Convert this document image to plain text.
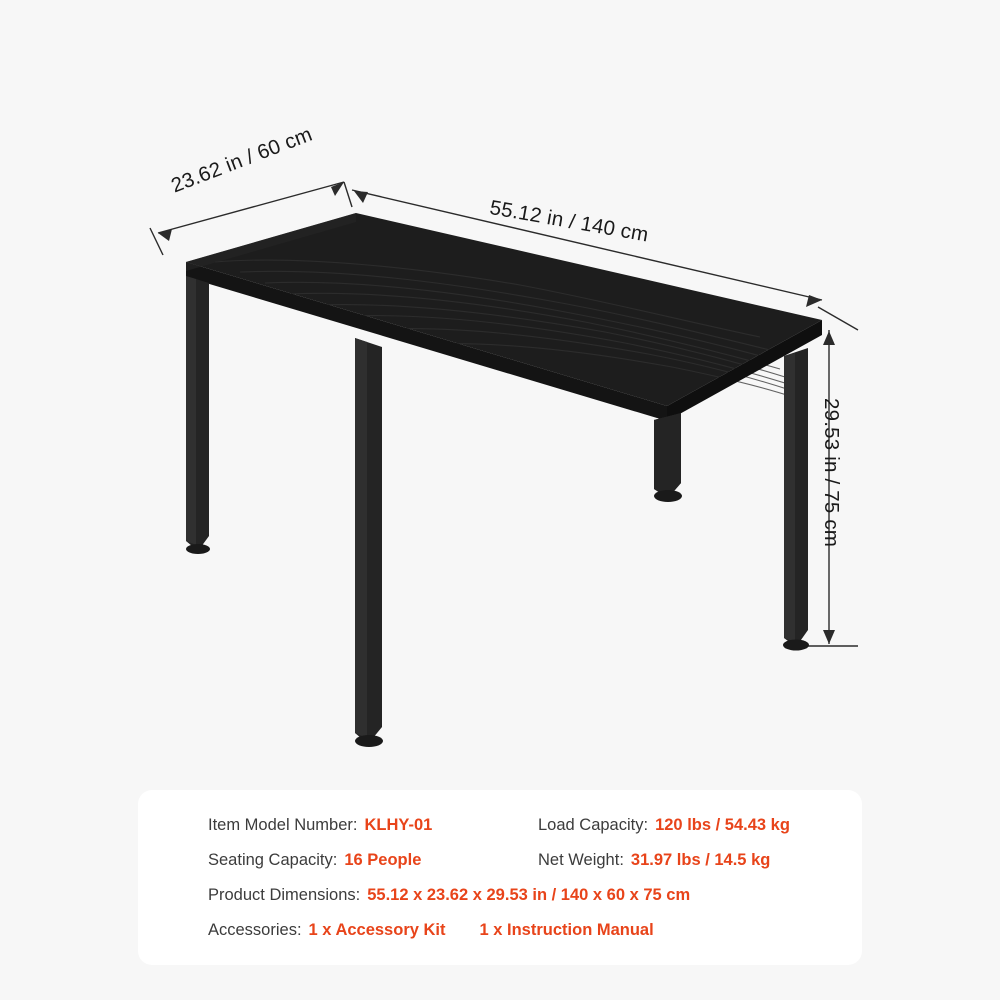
23.62 in / 60 cm
55.12 in / 140 cm
29.53 in / 75 cm
Item Model Number: KLHY-01	Load Capacity: 120 lbs / 54.43 kg
Seating Capacity: 16 People	Net Weight: 31.97 lbs / 14.5 kg
Product Dimensions: 55.12 x 23.62 x 29.53 in / 140 x 60 x 75 cm
Accessories: 1 x Accessory Kit 1 x Instruction Manual
